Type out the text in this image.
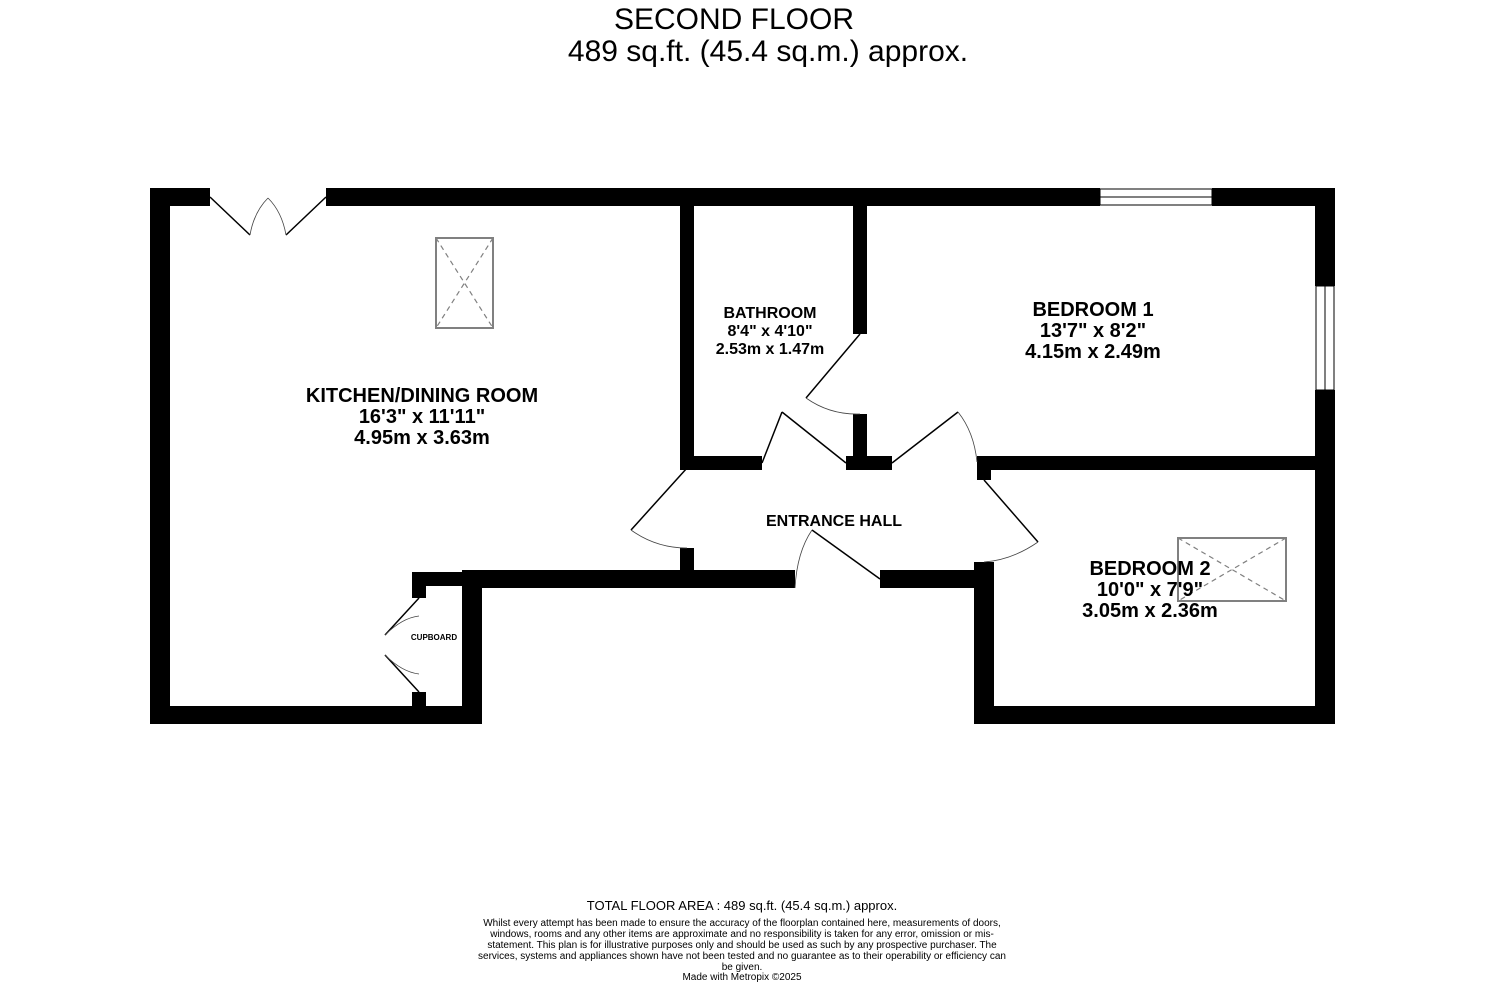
SECOND FLOOR
489 sq.ft. (45.4 sq.m.) approx.
KITCHEN/DINING ROOM
16'3" x 11'11"
4.95m x 3.63m
BATHROOM
8'4" x 4'10"
2.53m x 1.47m
BEDROOM 1
13'7" x 8'2"
4.15m x 2.49m
BEDROOM 2
10'0" x 7'9"
3.05m x 2.36m
ENTRANCE HALL
CUPBOARD
TOTAL FLOOR AREA : 489 sq.ft. (45.4 sq.m.) approx.
Whilst every attempt has been made to ensure the accuracy of the floorplan contained here, measurements of doors, windows, rooms and any other items are approximate and no responsibility is taken for any error, omission or mis-statement. This plan is for illustrative purposes only and should be used as such by any prospective purchaser. The services, systems and appliances shown have not been tested and no guarantee as to their operability or efficiency can be given.
Made with Metropix ©2025
